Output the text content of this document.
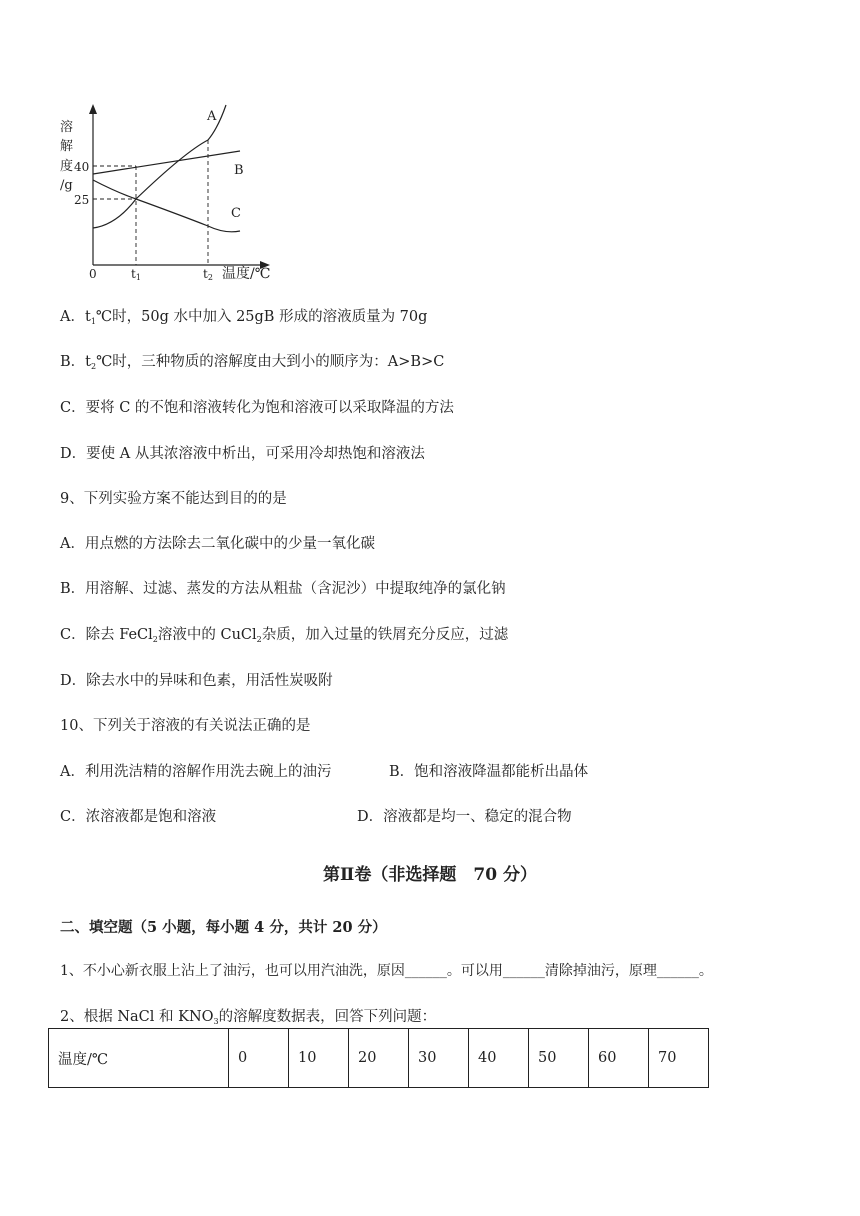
溶
解
度
/g
40
25
0	t1	t2 温度/℃
A
B
C
A．$t_1℃$时，50g 水中加入 25gB 形成的溶液质量为 70g
B．$t_2℃$时，三种物质的溶解度由大到小的顺序为：A>B>C
C．要将 C 的不饱和溶液转化为饱和溶液可以采取降温的方法
D．要使 A 从其浓溶液中析出，可采用冷却热饱和溶液法
9、下列实验方案不能达到目的的是
A．用点燃的方法除去二氧化碳中的少量一氧化碳
B．用溶解、过滤、蒸发的方法从粗盐（含泥沙）中提取纯净的氯化钠
C．除去 FeCl$_2$溶液中的 CuCl$_2$杂质，加入过量的铁屑充分反应，过滤
D．除去水中的异味和色素，用活性炭吸附
10、下列关于溶液的有关说法正确的是
A．利用洗洁精的溶解作用洗去碗上的油污	B．饱和溶液降温都能析出晶体
C．浓溶液都是饱和溶液	D．溶液都是均一、稳定的混合物
第Ⅱ卷（非选择题　70 分）
二、填空题（5 小题，每小题 4 分，共计 20 分）
1、不小心新衣服上沾上了油污，也可以用汽油洗，原因______。可以用______清除掉油污，原理______。
2、根据 NaCl 和 $KNO_3$的溶解度数据表，回答下列问题：
温度/℃	0	10	20	30	40	50	60	70
